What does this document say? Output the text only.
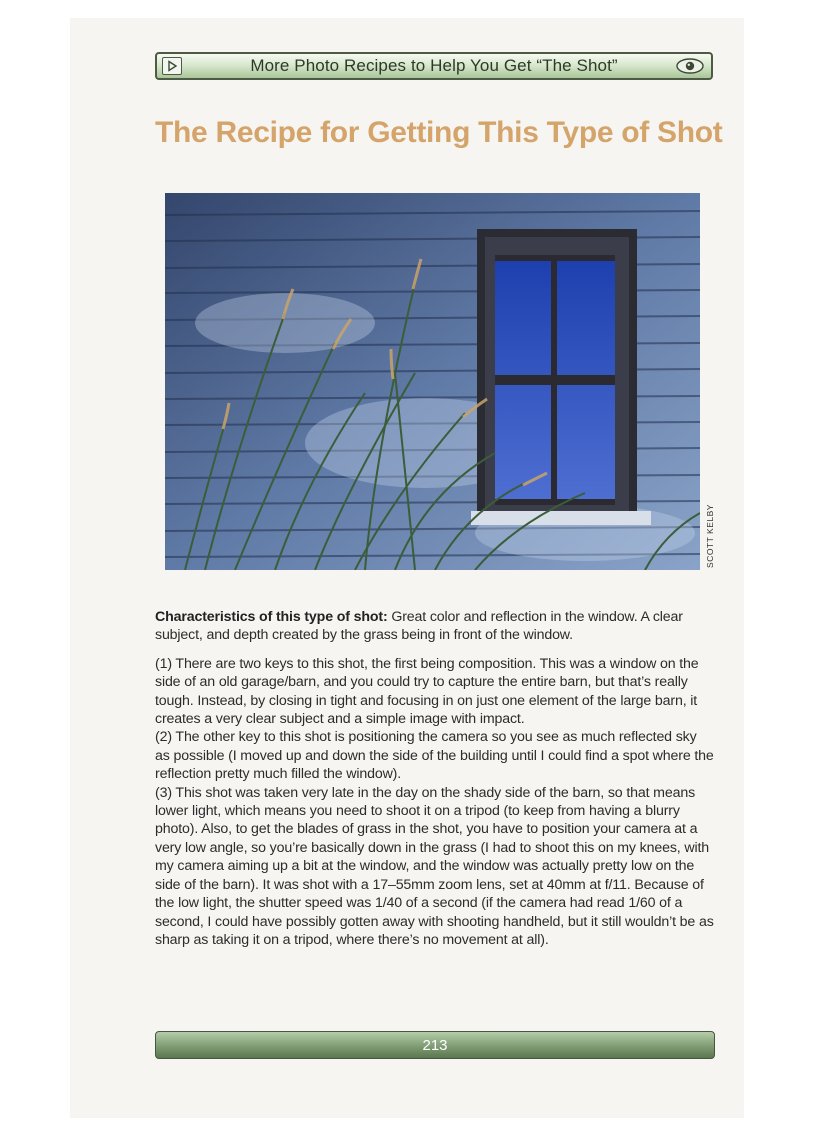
More Photo Recipes to Help You Get “The Shot”
The Recipe for Getting This Type of Shot
SCOTT KELBY

Characteristics of this type of shot: Great color and reflection in the window. A clear subject, and depth created by the grass being in front of the window.

(1) There are two keys to this shot, the first being composition. This was a window on the side of an old garage/barn, and you could try to capture the entire barn, but that’s really tough. Instead, by closing in tight and focusing in on just one element of the large barn, it creates a very clear subject and a simple image with impact.

(2) The other key to this shot is positioning the camera so you see as much reflected sky as possible (I moved up and down the side of the building until I could find a spot where the reflection pretty much filled the window).

(3) This shot was taken very late in the day on the shady side of the barn, so that means lower light, which means you need to shoot it on a tripod (to keep from having a blurry photo). Also, to get the blades of grass in the shot, you have to position your camera at a very low angle, so you’re basically down in the grass (I had to shoot this on my knees, with my camera aiming up a bit at the window, and the window was actually pretty low on the side of the barn). It was shot with a 17–55mm zoom lens, set at 40mm at f/11. Because of the low light, the shutter speed was 1/40 of a second (if the camera had read 1/60 of a second, I could have possibly gotten away with shooting handheld, but it still wouldn’t be as sharp as taking it on a tripod, where there’s no movement at all).

213
